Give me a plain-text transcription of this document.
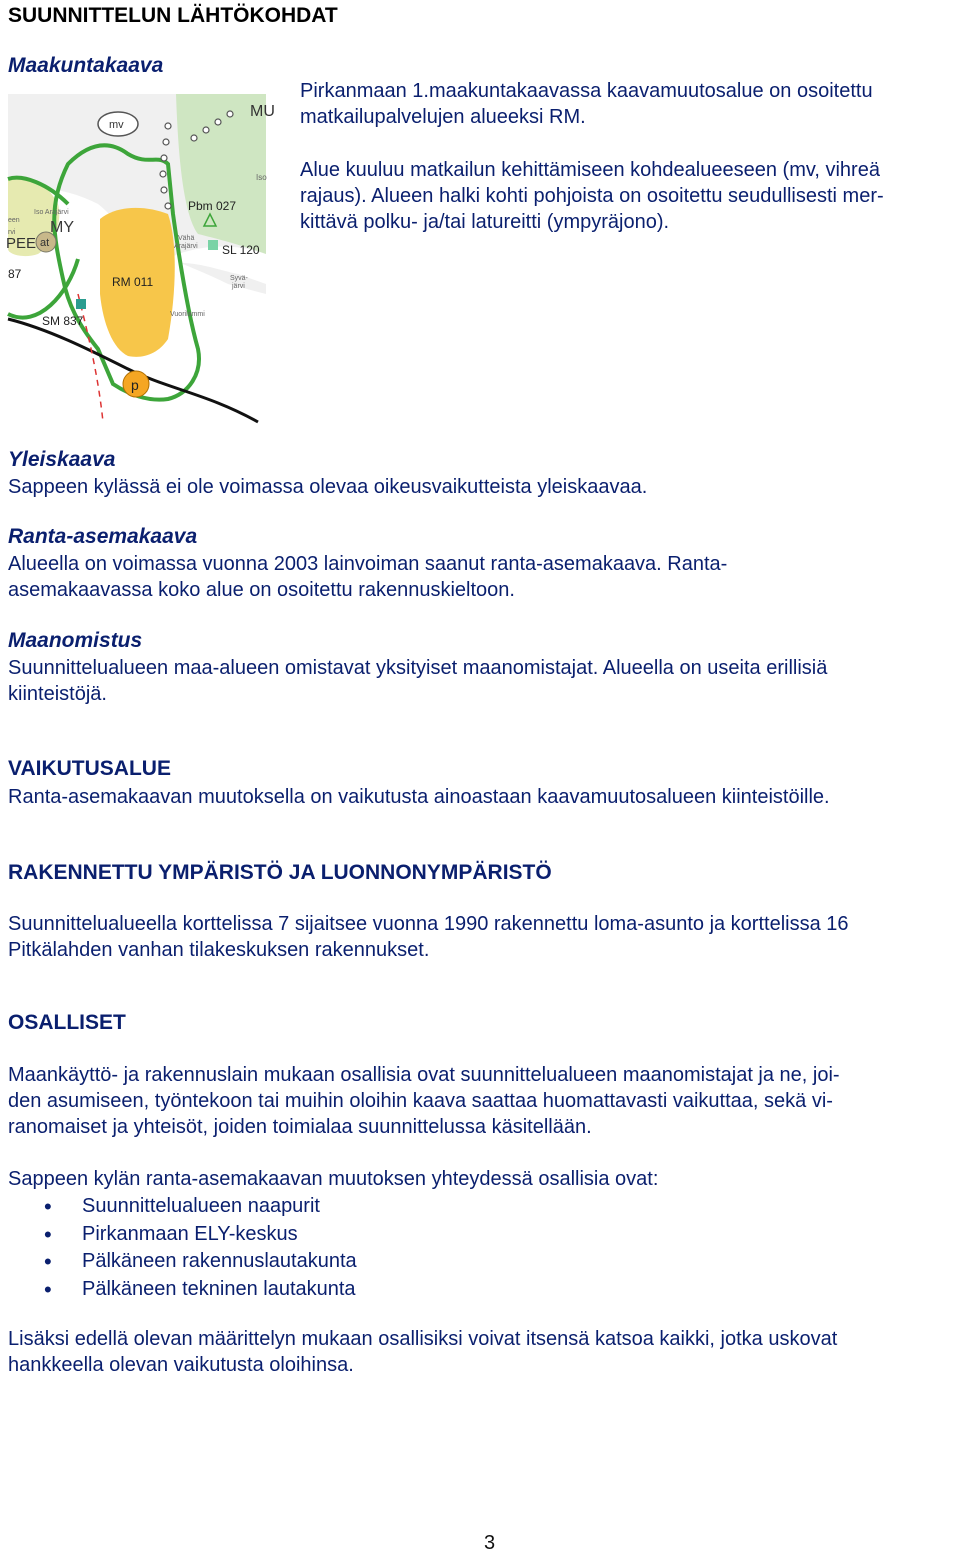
SUUNNITTELUN LÄHTÖKOHDAT
Maakuntakaava
mv
MU
MY
at
PEE
Pbm 027
SL 120
RM 011
SM 837
p
87
Iso
Iso Arajärvi
Vähä
Arajärvi
Syvä-
järvi
een
rvi
Vuorilammi
Pirkanmaan 1.maakuntakaavassa kaavamuutosalue on osoitettu
matkailupalvelujen alueeksi RM.
Alue kuuluu matkailun kehittämiseen kohdealueeseen (mv, vihreä
rajaus). Alueen halki kohti pohjoista on osoitettu seudullisesti mer-
kittävä polku- ja/tai latureitti (ympyräjono).
Yleiskaava
Sappeen kylässä ei ole voimassa olevaa oikeusvaikutteista yleiskaavaa.
Ranta-asemakaava
Alueella on voimassa vuonna 2003 lainvoiman saanut ranta-asemakaava. Ranta-
asemakaavassa koko alue on osoitettu rakennuskieltoon.
Maanomistus
Suunnittelualueen maa-alueen omistavat yksityiset maanomistajat. Alueella on useita erillisiä
kiinteistöjä.
VAIKUTUSALUE
Ranta-asemakaavan muutoksella on vaikutusta ainoastaan kaavamuutosalueen kiinteistöille.
RAKENNETTU YMPÄRISTÖ JA LUONNONYMPÄRISTÖ
Suunnittelualueella korttelissa 7 sijaitsee vuonna 1990 rakennettu loma-asunto ja korttelissa 16
Pitkälahden vanhan tilakeskuksen rakennukset.
OSALLISET
Maankäyttö- ja rakennuslain mukaan osallisia ovat suunnittelualueen maanomistajat ja ne, joi-
den asumiseen, työntekoon tai muihin oloihin kaava saattaa huomattavasti vaikuttaa, sekä vi-
ranomaiset ja yhteisöt, joiden toimialaa suunnittelussa käsitellään.
Sappeen kylän ranta-asemakaavan muutoksen yhteydessä osallisia ovat:
• Suunnittelualueen naapurit
• Pirkanmaan ELY-keskus
• Pälkäneen rakennuslautakunta
• Pälkäneen tekninen lautakunta
Lisäksi edellä olevan määrittelyn mukaan osallisiksi voivat itsensä katsoa kaikki, jotka uskovat
hankkeella olevan vaikutusta oloihinsa.
3
